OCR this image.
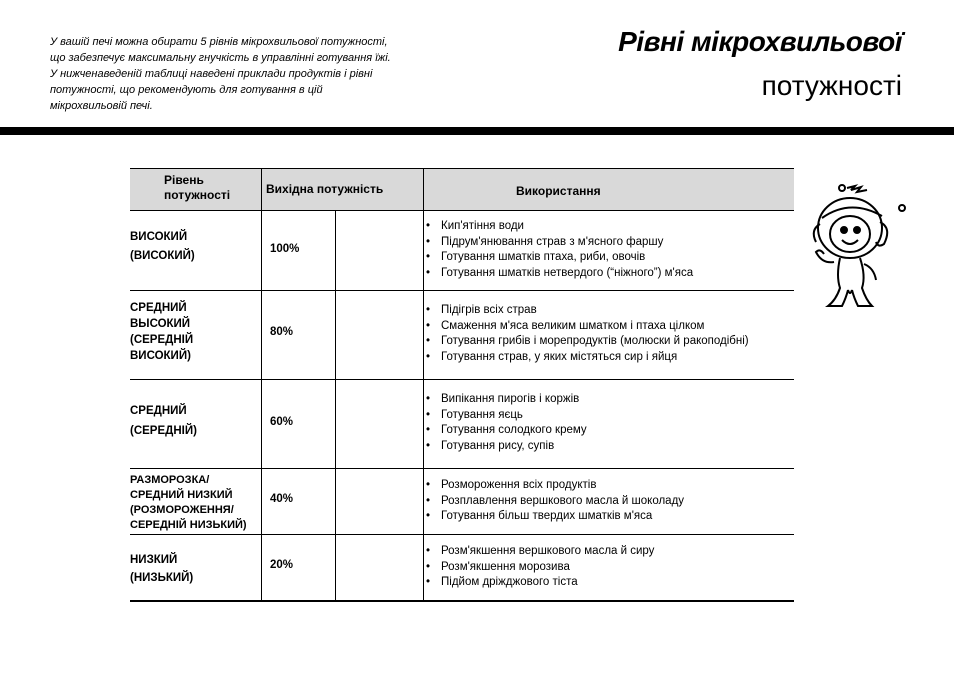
У вашій печі можна обирати 5 рівнів мікрохвильової потужності,
що забезпечує максимальну гнучкість в управлінні готування їжі.
У нижченаведеній таблиці наведені приклади продуктів і рівні
потужності, що рекомендують для готування в цій
мікрохвильовій печі.
Рівні мікрохвильової
потужності
Рівень
потужності	Вихідна потужність	Використання
ВИСОКИЙ
(ВИСОКИЙ)
100%
• Кип'ятіння води
• Підрум'янювання страв з м'ясного фаршу
• Готування шматків птаха, риби, овочів
• Готування шматків нетвердого (“ніжного”) м'яса
СРЕДНИЙ
ВЫСОКИЙ
(СЕРЕДНІЙ
ВИСОКИЙ)
80%
• Підігрів всіх страв
• Смаження м'яса великим шматком і птаха цілком
• Готування грибів і морепродуктів (молюски й ракоподібні)
• Готування страв, у яких містяться сир і яйця
СРЕДНИЙ
(СЕРЕДНІЙ)
60%
• Випікання пирогів і коржів
• Готування яєць
• Готування солодкого крему
• Готування рису, супів
РАЗМОРОЗКА/
СРЕДНИЙ НИЗКИЙ
(РОЗМОРОЖЕННЯ/
СЕРЕДНІЙ НИЗЬКИЙ)
40%
• Розмороження всіх продуктів
• Розплавлення вершкового масла й шоколаду
• Готування більш твердих шматків м'яса
НИЗКИЙ
(НИЗЬКИЙ)
20%
• Розм'якшення вершкового масла й сиру
• Розм'якшення морозива
• Підйом дріжджового тіста
